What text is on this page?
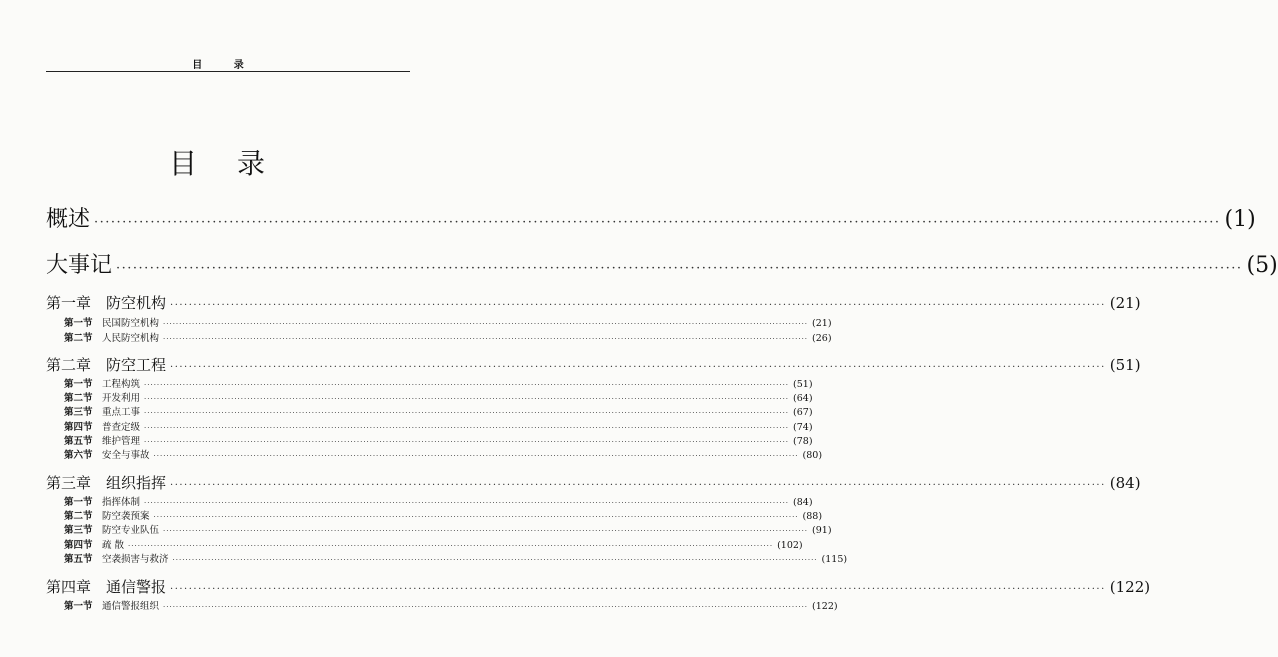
目 录
目录
概述 ········································································································································································································ (1)
大事记 ········································································································································································································ (5)
第一章 防空机构 ········································································································································································································ (21)
第一节 民国防空机构 ········································································································································································································ (21)
第二节 人民防空机构 ········································································································································································································ (26)
第二章 防空工程 ········································································································································································································ (51)
第一节 工程构筑 ········································································································································································································ (51)
第二节 开发利用 ········································································································································································································ (64)
第三节 重点工事 ········································································································································································································ (67)
第四节 普查定级 ········································································································································································································ (74)
第五节 维护管理 ········································································································································································································ (78)
第六节 安全与事故 ········································································································································································································ (80)
第三章 组织指挥 ········································································································································································································ (84)
第一节 指挥体制 ········································································································································································································ (84)
第二节 防空袭预案 ········································································································································································································ (88)
第三节 防空专业队伍 ········································································································································································································ (91)
第四节 疏 散 ········································································································································································································ (102)
第五节 空袭损害与救济 ········································································································································································································ (115)
第四章 通信警报 ········································································································································································································ (122)
第一节 通信警报组织 ········································································································································································································ (122)
